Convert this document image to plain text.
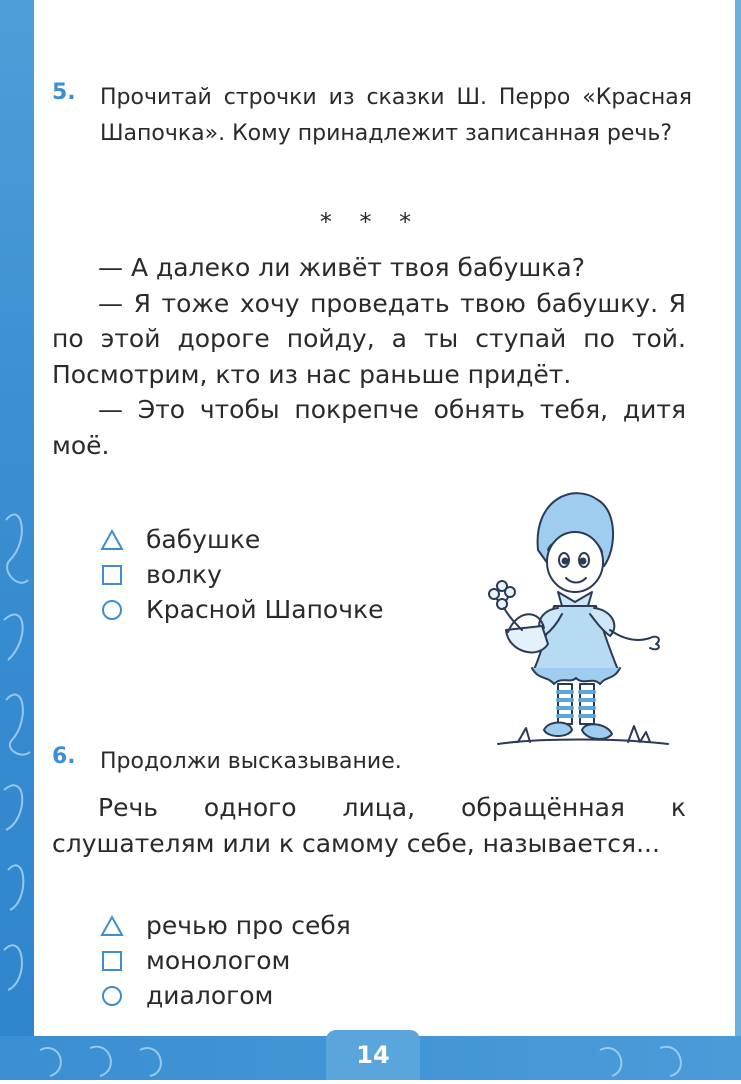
5. Прочитай строчки из сказки Ш. Перро «Красная Шапочка». Кому принадлежит записанная речь?
* * *

— А далеко ли живёт твоя бабушка?

— Я тоже хочу проведать твою бабушку. Я по этой дороге пойду, а ты ступай по той. Посмотрим, кто из нас раньше придёт.

— Это чтобы покрепче обнять тебя, дитя моё.

бабушке
волку
Красной Шапочке
6. Продолжи высказывание.

Речь одного лица, обращённая к слушателям или к самому себе, называется...

речью про себя
монологом
диалогом
14
